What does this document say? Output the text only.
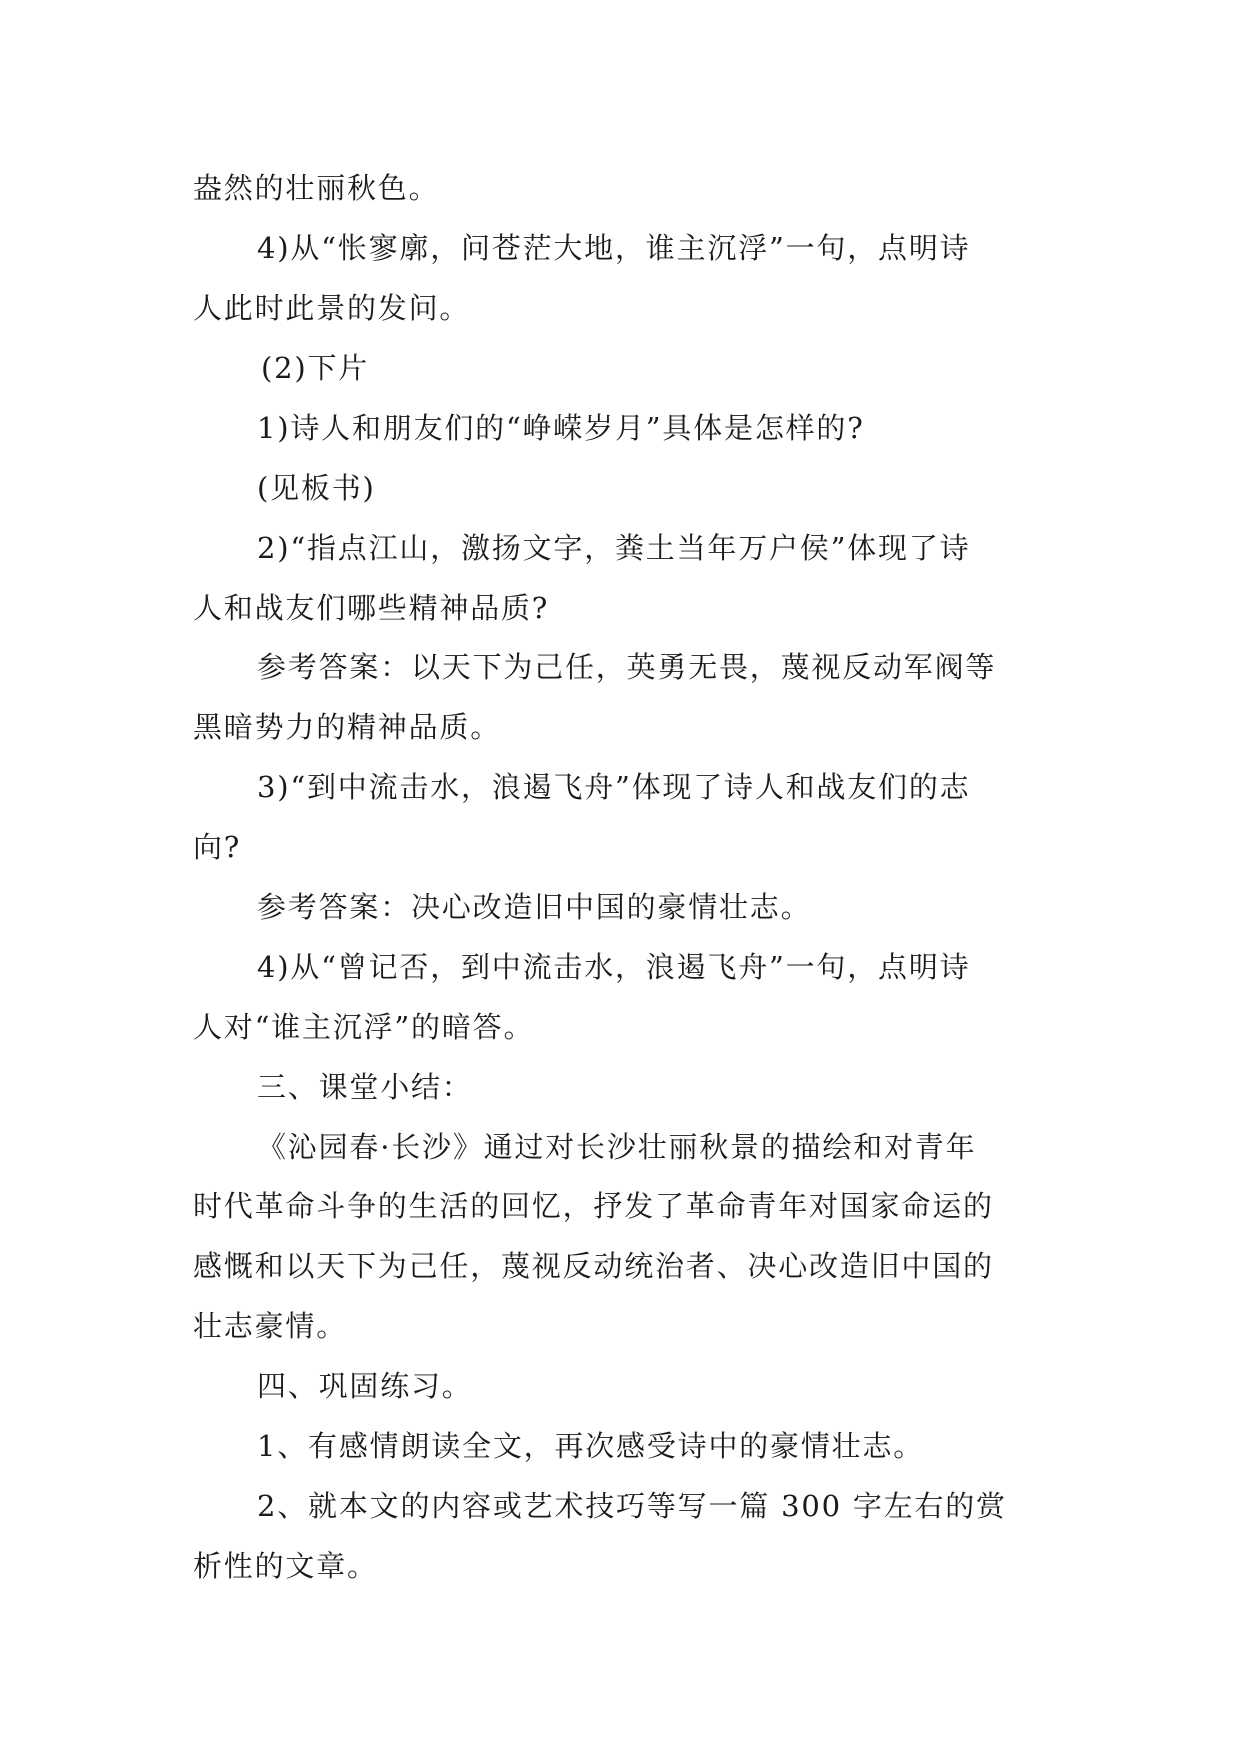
盎然的壮丽秋色。
4)从“怅寥廓，问苍茫大地，谁主沉浮”一句，点明诗
人此时此景的发问。
(2)下片
1)诗人和朋友们的“峥嵘岁月”具体是怎样的?
(见板书)
2)“指点江山，激扬文字，粪土当年万户侯”体现了诗
人和战友们哪些精神品质?
参考答案：以天下为己任，英勇无畏，蔑视反动军阀等
黑暗势力的精神品质。
3)“到中流击水，浪遏飞舟”体现了诗人和战友们的志
向?
参考答案：决心改造旧中国的豪情壮志。
4)从“曾记否，到中流击水，浪遏飞舟”一句，点明诗
人对“谁主沉浮”的暗答。
三、课堂小结：
《沁园春·长沙》通过对长沙壮丽秋景的描绘和对青年
时代革命斗争的生活的回忆，抒发了革命青年对国家命运的
感慨和以天下为己任，蔑视反动统治者、决心改造旧中国的
壮志豪情。
四、巩固练习。
1、有感情朗读全文，再次感受诗中的豪情壮志。
2、就本文的内容或艺术技巧等写一篇 300 字左右的赏
析性的文章。
